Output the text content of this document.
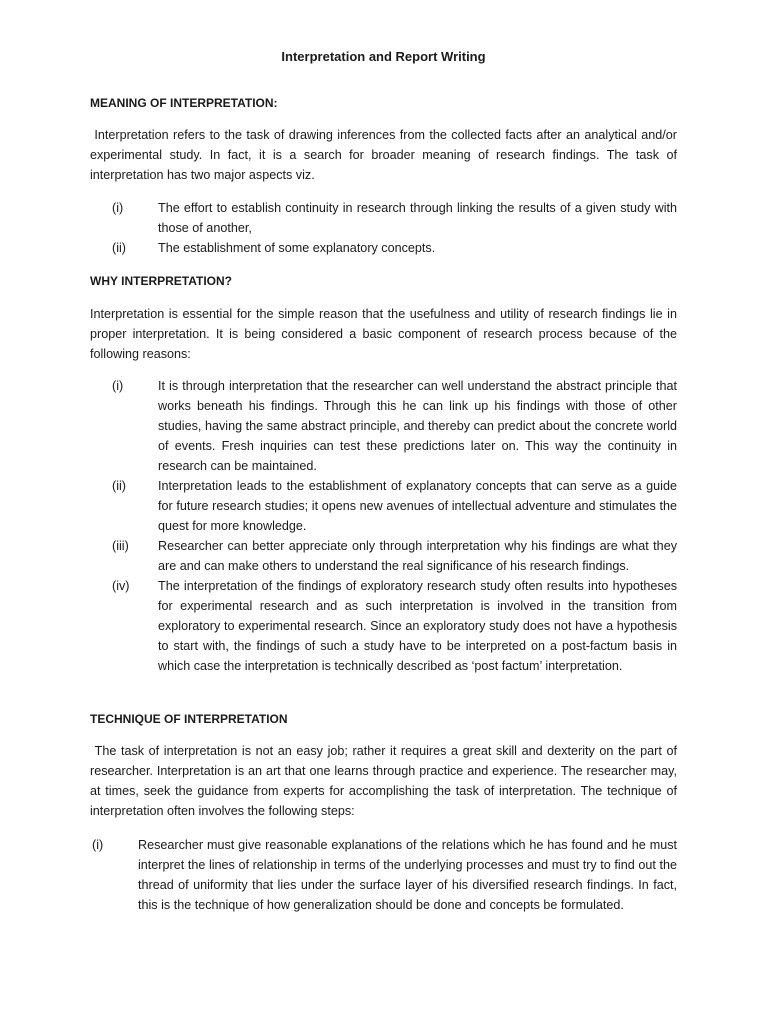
Interpretation and Report Writing
MEANING OF INTERPRETATION:

Interpretation refers to the task of drawing inferences from the collected facts after an analytical and/or experimental study. In fact, it is a search for broader meaning of research findings. The task of interpretation has two major aspects viz.

(i)	The effort to establish continuity in research through linking the results of a given study with those of another,
(ii)	The establishment of some explanatory concepts.
WHY INTERPRETATION?

Interpretation is essential for the simple reason that the usefulness and utility of research findings lie in proper interpretation. It is being considered a basic component of research process because of the following reasons:

(i)	It is through interpretation that the researcher can well understand the abstract principle that works beneath his findings. Through this he can link up his findings with those of other studies, having the same abstract principle, and thereby can predict about the concrete world of events. Fresh inquiries can test these predictions later on. This way the continuity in research can be maintained.
(ii)	Interpretation leads to the establishment of explanatory concepts that can serve as a guide for future research studies; it opens new avenues of intellectual adventure and stimulates the quest for more knowledge.
(iii) Researcher can better appreciate only through interpretation why his findings are what they are and can make others to understand the real significance of his research findings.
(iv) The interpretation of the findings of exploratory research study often results into hypotheses for experimental research and as such interpretation is involved in the transition from exploratory to experimental research. Since an exploratory study does not have a hypothesis to start with, the findings of such a study have to be interpreted on a post-factum basis in which case the interpretation is technically described as ‘post factum’ interpretation.
TECHNIQUE OF INTERPRETATION

The task of interpretation is not an easy job; rather it requires a great skill and dexterity on the part of researcher. Interpretation is an art that one learns through practice and experience. The researcher may, at times, seek the guidance from experts for accomplishing the task of interpretation. The technique of interpretation often involves the following steps:

(i)	Researcher must give reasonable explanations of the relations which he has found and he must interpret the lines of relationship in terms of the underlying processes and must try to find out the thread of uniformity that lies under the surface layer of his diversified research findings. In fact, this is the technique of how generalization should be done and concepts be formulated.
